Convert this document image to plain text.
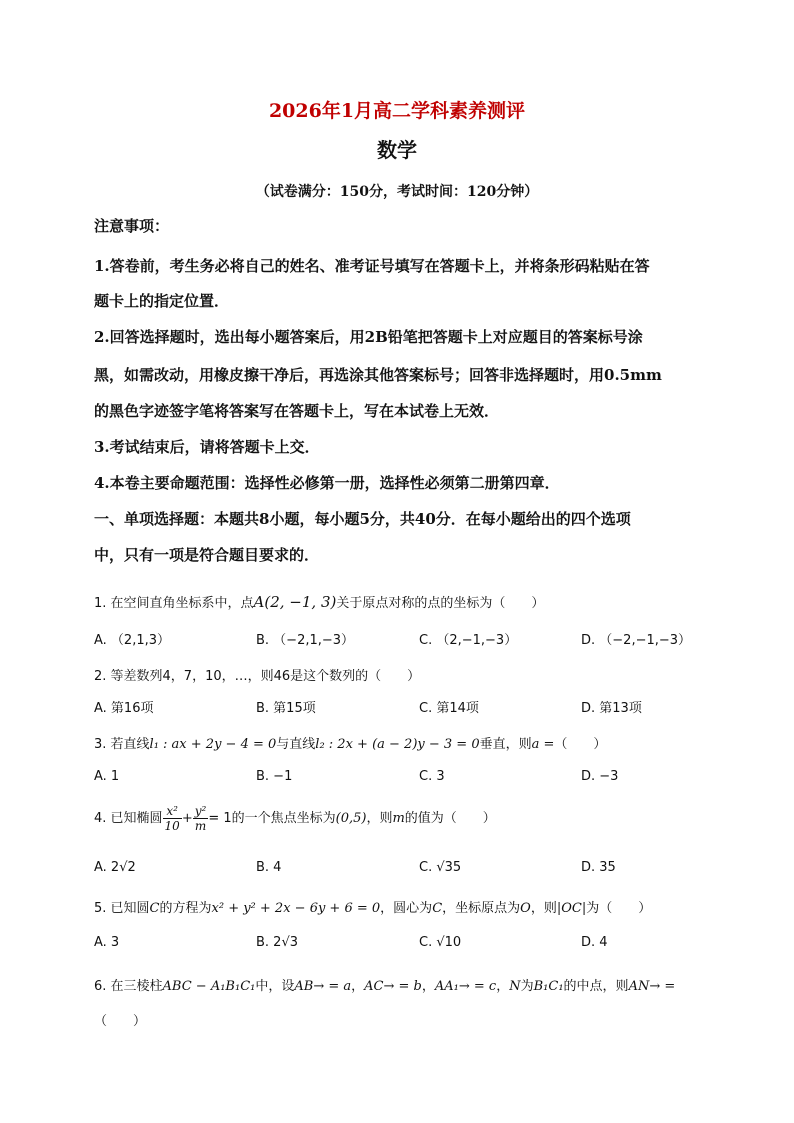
2026年1月高二学科素养测评
数学
（试卷满分：150分，考试时间：120分钟）
注意事项：
1.答卷前，考生务必将自己的姓名、准考证号填写在答题卡上，并将条形码粘贴在答
题卡上的指定位置．
2.回答选择题时，选出每小题答案后，用2B铅笔把答题卡上对应题目的答案标号涂
黑，如需改动，用橡皮擦干净后，再选涂其他答案标号；回答非选择题时，用0.5mm
的黑色字迹签字笔将答案写在答题卡上，写在本试卷上无效．
3.考试结束后，请将答题卡上交．
4.本卷主要命题范围：选择性必修第一册，选择性必须第二册第四章．
一、单项选择题：本题共8小题，每小题5分，共40分．在每小题给出的四个选项
中，只有一项是符合题目要求的．
1. 在空间直角坐标系中，点A(2, −1, 3)关于原点对称的点的坐标为（　　）
A. （2,1,3）	B. （−2,1,−3）	C. （2,−1,−3）	D. （−2,−1,−3）
2. 等差数列4，7，10，…，则46是这个数列的（　　）
A. 第16项	B. 第15项	C. 第14项	D. 第13项
3. 若直线l₁ : ax + 2y − 4 = 0与直线l₂ : 2x + (a − 2)y − 3 = 0垂直，则a =（　　）
A. 1	B. −1	C. 3	D. −3
4. 已知椭圆 $\frac{\text{x²}}{10} + \frac{\text{y²}}{m} = 1$的一个焦点坐标为(0,5)，则m的值为（　　）
A. 2√2	B. 4	C. √35	D. 35
5. 已知圆C的方程为x² + y² + 2x − 6y + 6 = 0，圆心为C，坐标原点为O，则|OC|为（　　）
A. 3	B. 2√3	C. √10	D. 4
6. 在三棱柱ABC − A₁B₁C₁中，设AB→ = a，AC→ = b，AA₁→ = c，N为B₁C₁的中点，则AN→ =
（　　）
